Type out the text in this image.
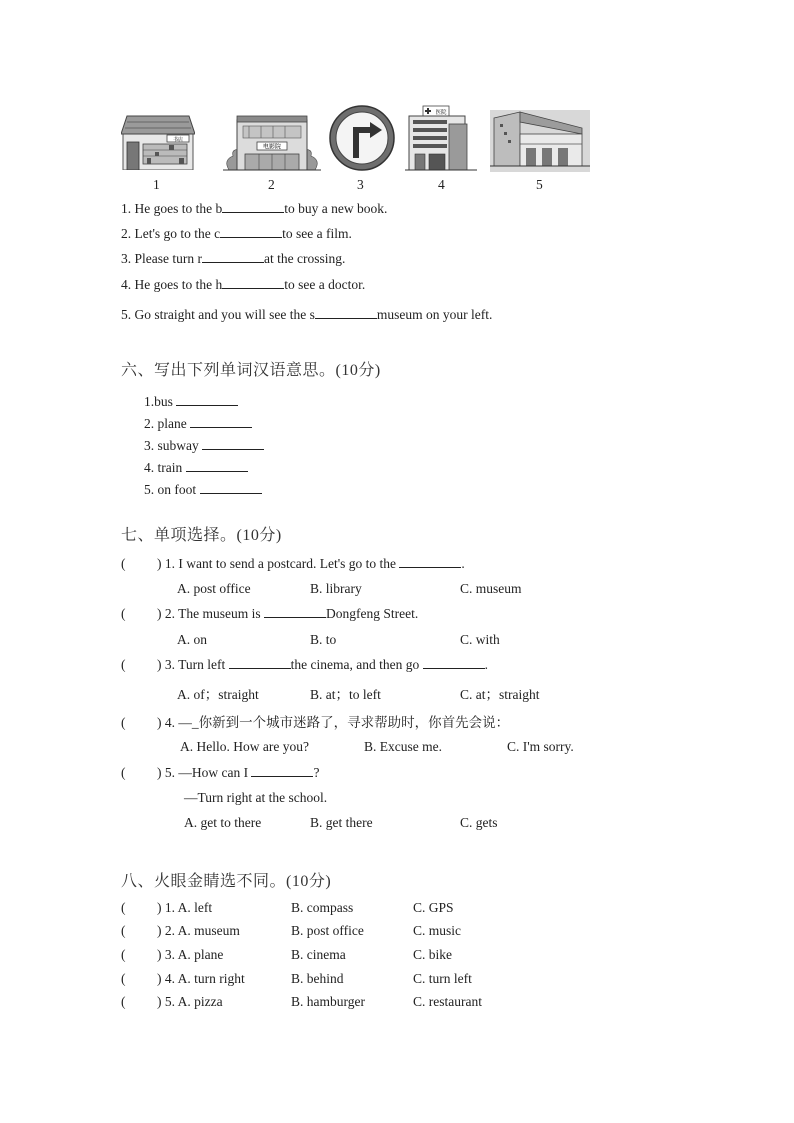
书店
电影院
医院
1	2	3	4	5
1. He goes to the b	to buy a new book.
2. Let's go to the c	to see a film.
3. Please turn r	at the crossing.
4. He goes to the h	to see a doctor.
5. Go straight and you will see the s	museum on your left.
六、写出下列单词汉语意思。(10分)
1.bus
2. plane
3. subway
4. train
5. on foot
七、单项选择。(10分)
( ) 1. I want to send a postcard. Let's go to the	.
A. post office	B. library	C. museum
( ) 2. The museum is	Dongfeng Street.
A. on	B. to	C. with
( ) 3. Turn left	the cinema, and then go	.
A. of；straight	B. at；to left	C. at；straight
( ) 4. —_你新到一个城市迷路了，寻求帮助时，你首先会说：
A. Hello. How are you?	B. Excuse me.	C. I'm sorry.
( ) 5. —How can I	?
—Turn right at the school.
A. get to there	B. get there	C. gets
八、火眼金睛选不同。(10分)
( ) 1. A. left	B. compass	C. GPS
( ) 2. A. museum	B. post office	C. music
( ) 3. A. plane	B. cinema	C. bike
( ) 4. A. turn right	B. behind	C. turn left
( ) 5. A. pizza	B. hamburger	C. restaurant
